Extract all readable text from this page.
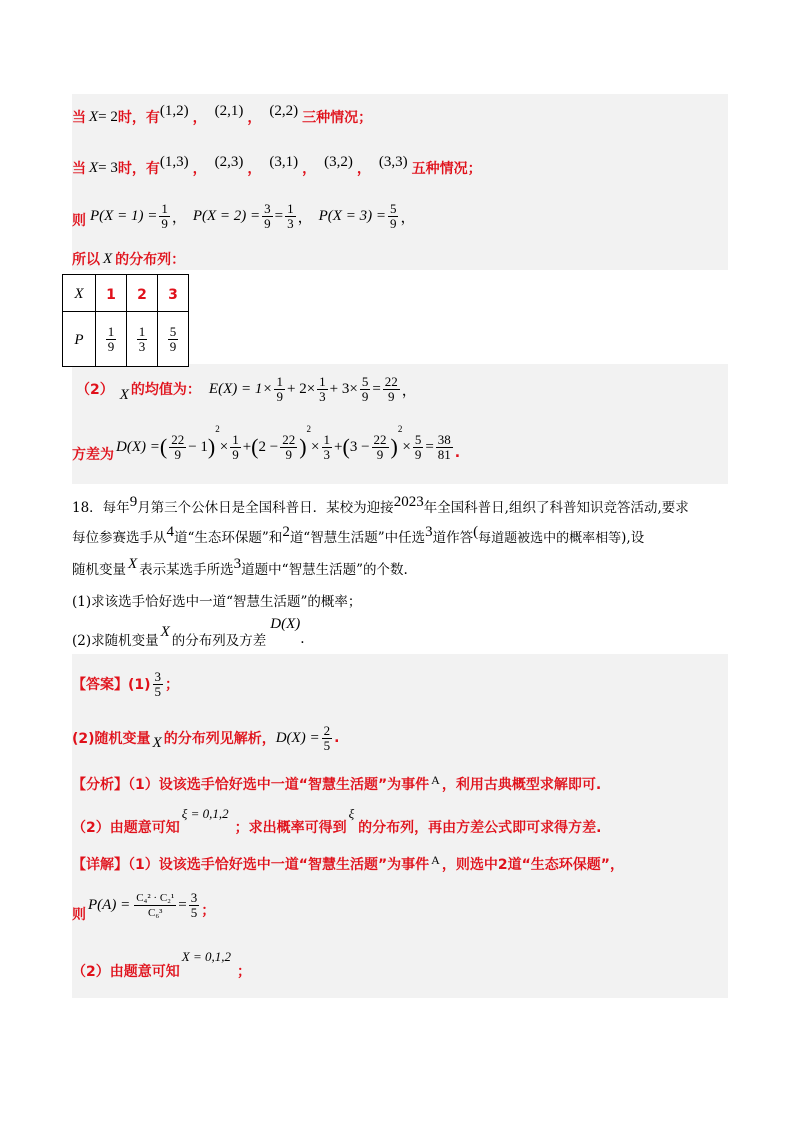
当 X = 2 时，有 (1,2) ， (2,1) ， (2,2) 三种情况；
当 X = 3 时，有 (1,3) ， (2,3) ， (3,1) ， (3,2) ， (3,3) 五种情况；
则 $P(X = 1) = \frac{1}{9}$ ， $P(X = 2) = \frac{3}{9} = \frac{1}{3}$ ， $P(X = 3) = \frac{5}{9}$ ，
所以 X 的分布列：
X	1	2	3
P	$\frac{1}{9}$	$\frac{1}{3}$	$\frac{5}{9}$
（2） X 的均值为： $E(X) = 1\times \frac{1}{9} + 2\times \frac{1}{3} + 3\times \frac{5}{9} = \frac{22}{9}$ ，
方差为
D(X) = ( $\frac{22}{9} - 1$ )
2
× $\frac{1}{9}$ + ( $2 - \frac{22}{9}$ )
2
× $\frac{1}{3}$ + ( $3 - \frac{22}{9}$ )
2
× $\frac{5}{9} = \frac{38}{81}$ .
18．每年 9 月第三个公休日是全国科普日．某校为迎接 2023 年全国科普日,组织了科普知识竞答活动,要求
每位参赛选手从 4 道“生态环保题”和 2 道“智慧生活题”中任选 3 道作答 ( 每道题被选中的概率相等 ),设
随机变量 X 表示某选手所选 3 道题中“智慧生活题”的个数.
(1)求该选手恰好选中一道“智慧生活题”的概率；
(2)求随机变量
X
的分布列及方差
D(X)
.
【答案】$(1) \frac{3}{5}$ ；
(2)随机变量 X 的分布列见解析， $D(X) = \frac{2}{5}$ .
【分析】（1）设该选手恰好选中一道“智慧生活题”为事件 A ，利用古典概型求解即可.
（2）由题意可知
ξ = 0,1,2
；求出概率可得到
ξ
的分布列，再由方差公式即可求得方差.
【详解】（1）设该选手恰好选中一道“智慧生活题”为事件 A ，则选中2道“生态环保题”，
则
$P(A) = \frac{\text{C₄² · C₂¹}}{\text{C₆³}} = \frac{3}{5}$ ；
（2）由题意可知
X = 0,1,2
；
